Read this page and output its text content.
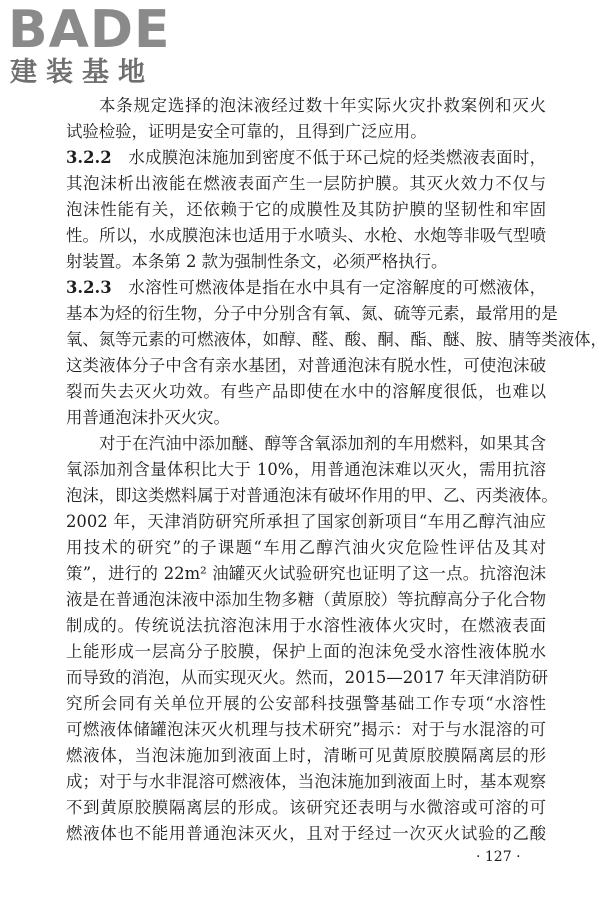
BADE
建装基地
本条规定选择的泡沫液经过数十年实际火灾扑救案例和灭火
试验检验，证明是安全可靠的，且得到广泛应用。
3.2.2  水成膜泡沫施加到密度不低于环己烷的烃类燃液表面时，
其泡沫析出液能在燃液表面产生一层防护膜。其灭火效力不仅与
泡沫性能有关，还依赖于它的成膜性及其防护膜的坚韧性和牢固
性。所以，水成膜泡沫也适用于水喷头、水枪、水炮等非吸气型喷
射装置。本条第 2 款为强制性条文，必须严格执行。
3.2.3  水溶性可燃液体是指在水中具有一定溶解度的可燃液体，
基本为烃的衍生物，分子中分别含有氧、氮、硫等元素，最常用的是
氧、氮等元素的可燃液体，如醇、醛、酸、酮、酯、醚、胺、腈等类液体，
这类液体分子中含有亲水基团，对普通泡沫有脱水性，可使泡沫破
裂而失去灭火功效。有些产品即使在水中的溶解度很低，也难以
用普通泡沫扑灭火灾。
对于在汽油中添加醚、醇等含氧添加剂的车用燃料，如果其含
氧添加剂含量体积比大于 10%，用普通泡沫难以灭火，需用抗溶
泡沫，即这类燃料属于对普通泡沫有破坏作用的甲、乙、丙类液体。
2002 年，天津消防研究所承担了国家创新项目“车用乙醇汽油应
用技术的研究”的子课题“车用乙醇汽油火灾危险性评估及其对
策”，进行的 22m² 油罐灭火试验研究也证明了这一点。抗溶泡沫
液是在普通泡沫液中添加生物多糖（黄原胶）等抗醇高分子化合物
制成的。传统说法抗溶泡沫用于水溶性液体火灾时，在燃液表面
上能形成一层高分子胶膜，保护上面的泡沫免受水溶性液体脱水
而导致的消泡，从而实现灭火。然而，2015—2017 年天津消防研
究所会同有关单位开展的公安部科技强警基础工作专项“水溶性
可燃液体储罐泡沫灭火机理与技术研究”揭示：对于与水混溶的可
燃液体，当泡沫施加到液面上时，清晰可见黄原胶膜隔离层的形
成；对于与水非混溶可燃液体，当泡沫施加到液面上时，基本观察
不到黄原胶膜隔离层的形成。该研究还表明与水微溶或可溶的可
燃液体也不能用普通泡沫灭火，且对于经过一次灭火试验的乙酸
· 127 ·
